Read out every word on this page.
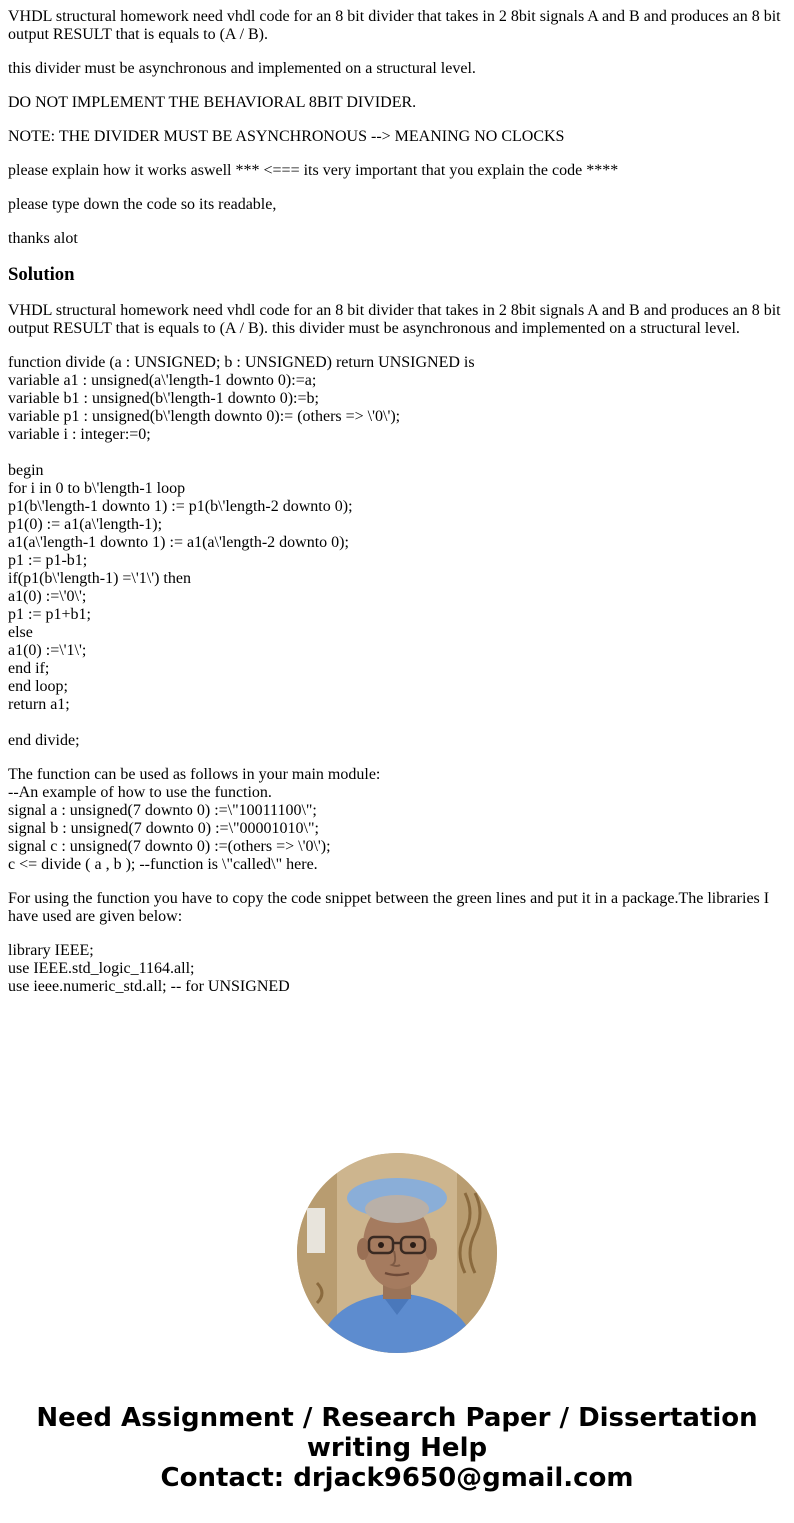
VHDL structural homework need vhdl code for an 8 bit divider that takes in 2 8bit signals A and B and produces an 8 bit output RESULT that is equals to (A / B).

this divider must be asynchronous and implemented on a structural level.

DO NOT IMPLEMENT THE BEHAVIORAL 8BIT DIVIDER.

NOTE: THE DIVIDER MUST BE ASYNCHRONOUS --> MEANING NO CLOCKS

please explain how it works aswell *** <=== its very important that you explain the code ****

please type down the code so its readable,

thanks alot

Solution

VHDL structural homework need vhdl code for an 8 bit divider that takes in 2 8bit signals A and B and produces an 8 bit output RESULT that is equals to (A / B). this divider must be asynchronous and implemented on a structural level.

function divide (a : UNSIGNED; b : UNSIGNED) return UNSIGNED is
variable a1 : unsigned(a\'length-1 downto 0):=a;
variable b1 : unsigned(b\'length-1 downto 0):=b;
variable p1 : unsigned(b\'length downto 0):= (others => \'0\');
variable i : integer:=0;
begin
for i in 0 to b\'length-1 loop
p1(b\'length-1 downto 1) := p1(b\'length-2 downto 0);
p1(0) := a1(a\'length-1);
a1(a\'length-1 downto 1) := a1(a\'length-2 downto 0);
p1 := p1-b1;
if(p1(b\'length-1) =\'1\') then
a1(0) :=\'0\';
p1 := p1+b1;
else
a1(0) :=\'1\';
end if;
end loop;
return a1;
end divide;
The function can be used as follows in your main module:
--An example of how to use the function.
signal a : unsigned(7 downto 0) :=\"10011100\";
signal b : unsigned(7 downto 0) :=\"00001010\";
signal c : unsigned(7 downto 0) :=(others => \'0\');
c <= divide ( a , b ); --function is \"called\" here.

For using the function you have to copy the code snippet between the green lines and put it in a package.The libraries I have used are given below:

library IEEE;
use IEEE.std_logic_1164.all;
use ieee.numeric_std.all; -- for UNSIGNED
Need Assignment / Research Paper / Dissertation
writing Help
Contact: drjack9650@gmail.com
